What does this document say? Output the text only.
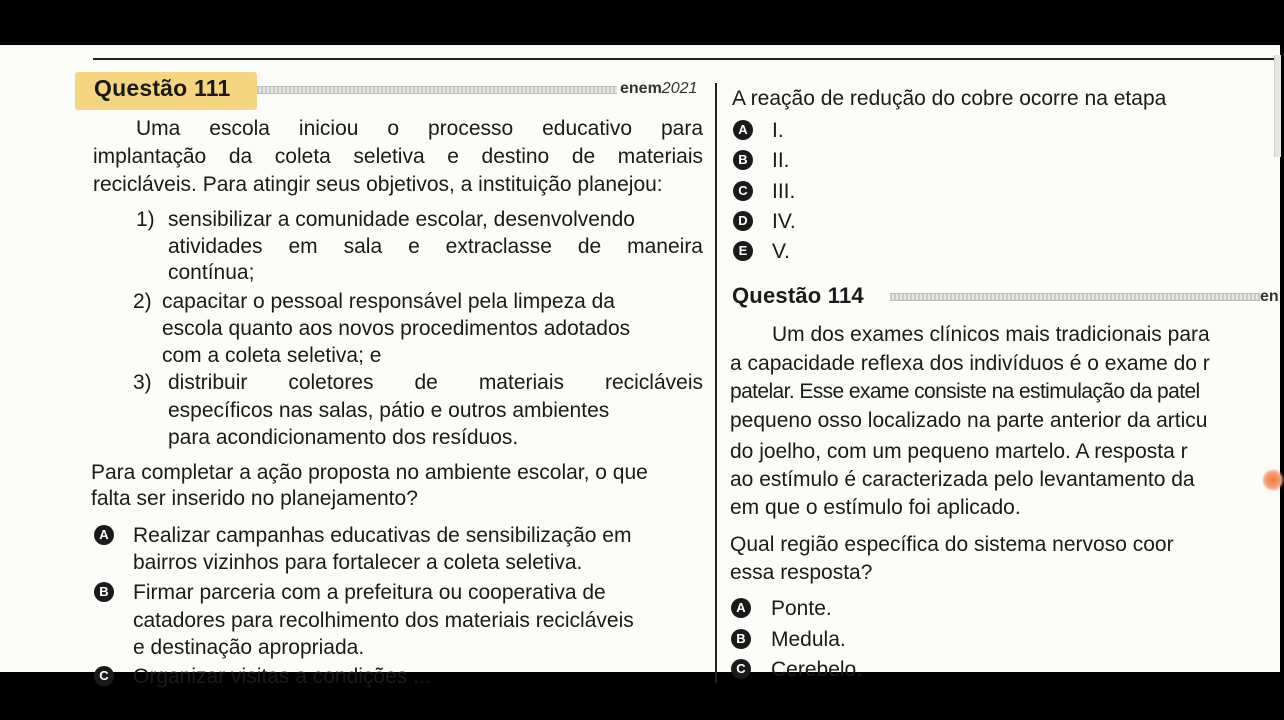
Questão 111	enem2021
Uma escola iniciou o processo educativo para
implantação da coleta seletiva e destino de materiais
recicláveis. Para atingir seus objetivos, a instituição planejou:
1) sensibilizar a comunidade escolar, desenvolvendo
atividades em sala e extraclasse de maneira
contínua;
2) capacitar o pessoal responsável pela limpeza da
escola quanto aos novos procedimentos adotados
com a coleta seletiva; e
3) distribuir coletores de materiais recicláveis
específicos nas salas, pátio e outros ambientes
para acondicionamento dos resíduos.
Para completar a ação proposta no ambiente escolar, o que
falta ser inserido no planejamento?
A Realizar campanhas educativas de sensibilização em
bairros vizinhos para fortalecer a coleta seletiva.
B Firmar parceria com a prefeitura ou cooperativa de
catadores para recolhimento dos materiais recicláveis
e destinação apropriada.
C Organizar visitas a condições ...
A reação de redução do cobre ocorre na etapa
A I.
B II.
C III.
D IV.
E V.
Questão 114	en
Um dos exames clínicos mais tradicionais para
a capacidade reflexa dos indivíduos é o exame do r
patelar. Esse exame consiste na estimulação da patel
pequeno osso localizado na parte anterior da articu
do joelho, com um pequeno martelo. A resposta r
ao estímulo é caracterizada pelo levantamento da
em que o estímulo foi aplicado.
Qual região específica do sistema nervoso coor
essa resposta?
A Ponte.
B Medula.
C Cerebelo.
